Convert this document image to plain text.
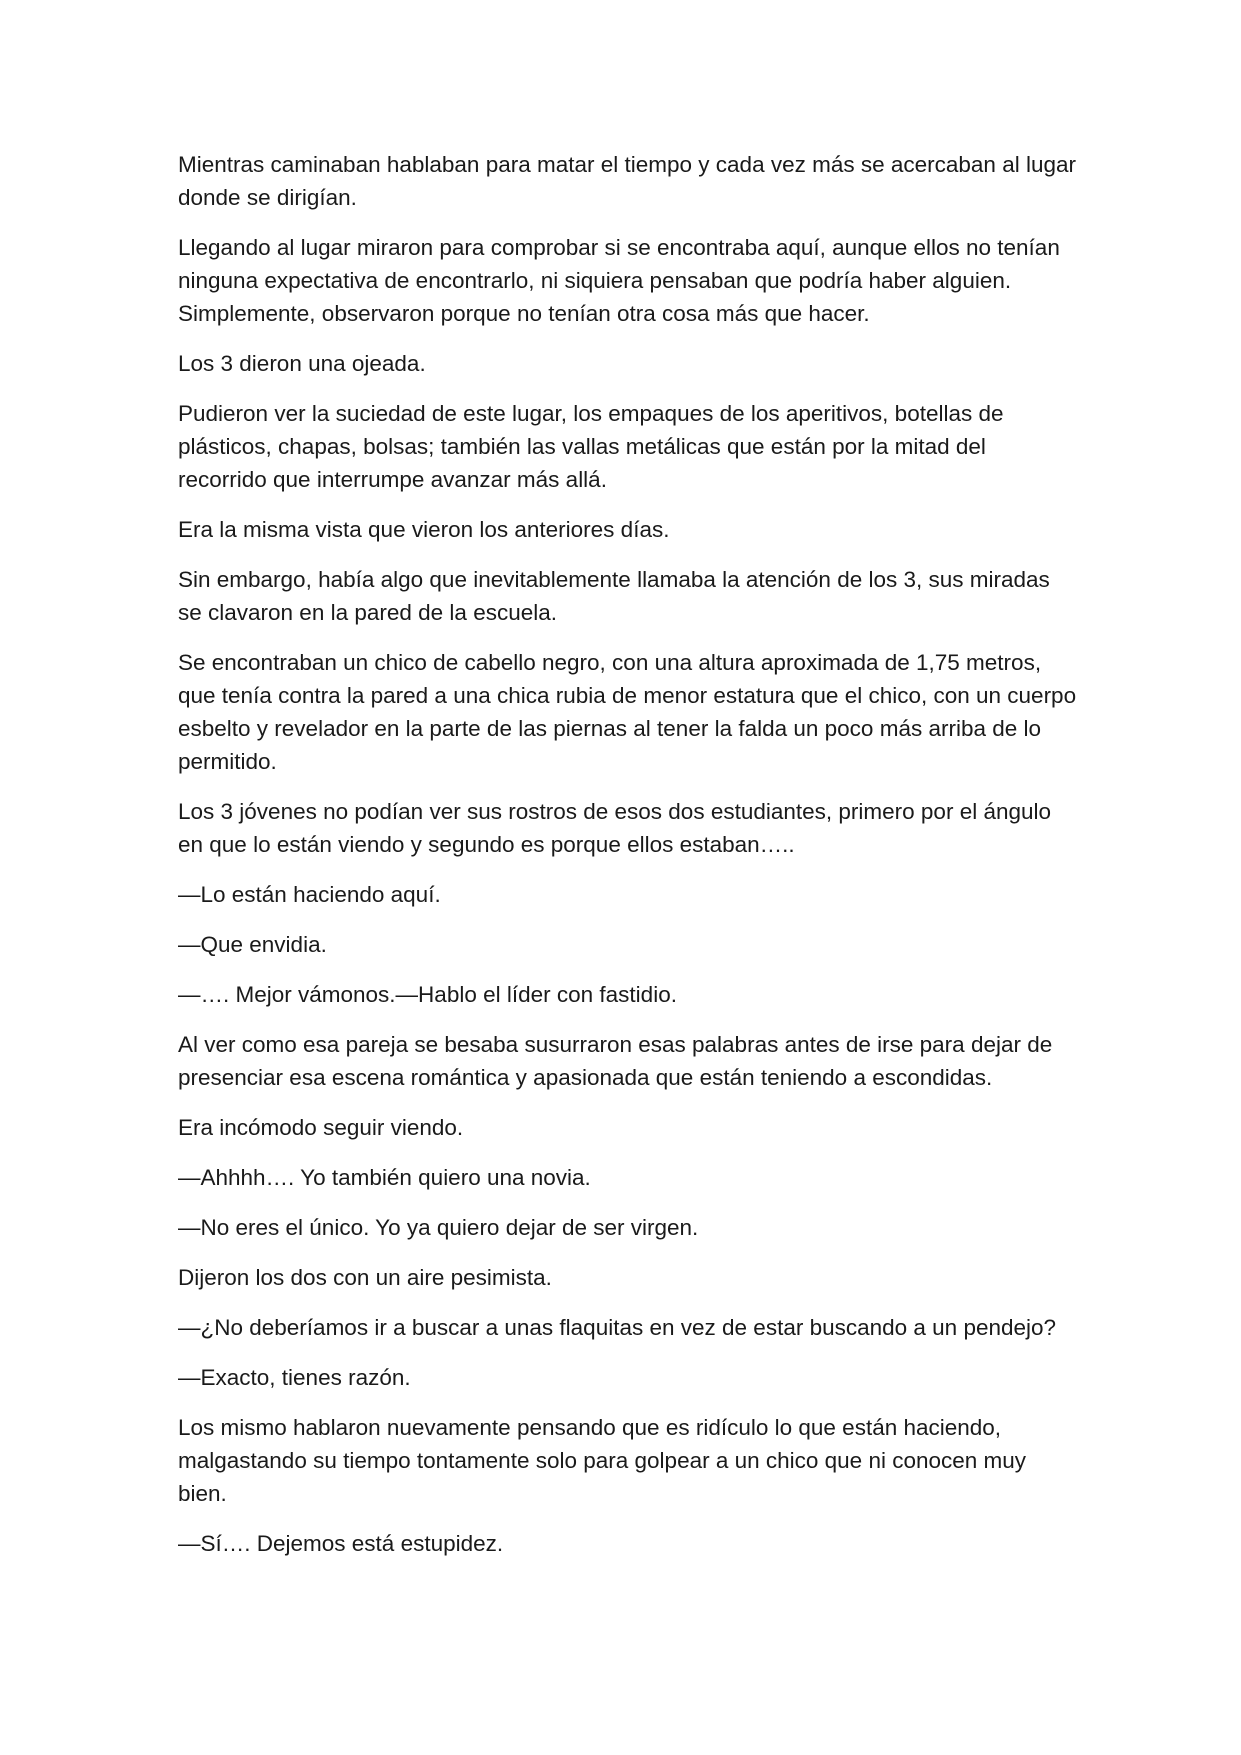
Mientras caminaban hablaban para matar el tiempo y cada vez más se acercaban al lugar donde se dirigían.

Llegando al lugar miraron para comprobar si se encontraba aquí, aunque ellos no tenían ninguna expectativa de encontrarlo, ni siquiera pensaban que podría haber alguien. Simplemente, observaron porque no tenían otra cosa más que hacer.

Los 3 dieron una ojeada.

Pudieron ver la suciedad de este lugar, los empaques de los aperitivos, botellas de plásticos, chapas, bolsas; también las vallas metálicas que están por la mitad del recorrido que interrumpe avanzar más allá.

Era la misma vista que vieron los anteriores días.

Sin embargo, había algo que inevitablemente llamaba la atención de los 3, sus miradas se clavaron en la pared de la escuela.

Se encontraban un chico de cabello negro, con una altura aproximada de 1,75 metros, que tenía contra la pared a una chica rubia de menor estatura que el chico, con un cuerpo esbelto y revelador en la parte de las piernas al tener la falda un poco más arriba de lo permitido.

Los 3 jóvenes no podían ver sus rostros de esos dos estudiantes, primero por el ángulo en que lo están viendo y segundo es porque ellos estaban…..

—Lo están haciendo aquí.

—Que envidia.

—…. Mejor vámonos.—Hablo el líder con fastidio.

Al ver como esa pareja se besaba susurraron esas palabras antes de irse para dejar de presenciar esa escena romántica y apasionada que están teniendo a escondidas.

Era incómodo seguir viendo.

—Ahhhh…. Yo también quiero una novia.

—No eres el único. Yo ya quiero dejar de ser virgen.

Dijeron los dos con un aire pesimista.

—¿No deberíamos ir a buscar a unas flaquitas en vez de estar buscando a un pendejo?

—Exacto, tienes razón.

Los mismo hablaron nuevamente pensando que es ridículo lo que están haciendo, malgastando su tiempo tontamente solo para golpear a un chico que ni conocen muy bien.

—Sí…. Dejemos está estupidez.
